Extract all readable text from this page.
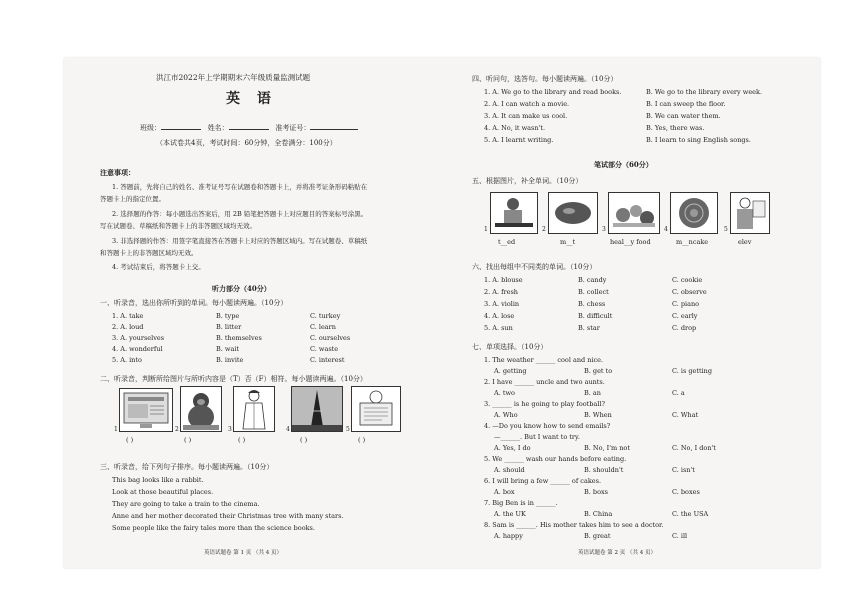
洪江市2022年上学期期末六年级质量监测试题
英 语
班级：	姓名：	准考证号：
（本试卷共4页，考试时间：60分钟，全卷满分：100分）
注意事项：
1. 答题前，先将自己的姓名、准考证号写在试题卷和答题卡上，并将准考证条形码粘贴在
答题卡上的指定位置。
2. 选择题的作答：每小题选出答案后，用 2B 铅笔把答题卡上对应题目的答案标号涂黑。
写在试题卷、草稿纸和答题卡上的非答题区域均无效。
3. 非选择题的作答：用签字笔直接答在答题卡上对应的答题区域内。写在试题卷、草稿纸
和答题卡上的非答题区域均无效。
4. 考试结束后，将答题卡上交。
听力部分（40分）
一、听录音，选出你所听到的单词。每小题读两遍。（10分）
1. A. take	B. type	C. turkey
2. A. loud	B. litter	C. learn
3. A. yourselves	B. themselves	C. ourselves
4. A. wonderful	B. wait	C. waste
5. A. into	B. invite	C. interest
二、听录音，判断所给图片与所听内容是（T）否（F）相符。每小题读两遍。（10分）
1	2	3	4	5
( )	( )	( )	( )	( )
三、听录音，给下列句子排序。每小题读两遍。（10分）
This bag looks like a rabbit.
Look at those beautiful places.
They are going to take a train to the cinema.
Anne and her mother decorated their Christmas tree with many stars.
Some people like the fairy tales more than the science books.
英语试题卷 第 1 页 （共 4 页）
四、听问句，选答句。每小题读两遍。（10分）
1. A. We go to the library and read books.	B. We go to the library every week.
2. A. I can watch a movie.	B. I can sweep the floor.
3. A. It can make us cool.	B. We can water them.
4. A. No, it wasn't.	B. Yes, there was.
5. A. I learnt writing.	B. I learn to sing English songs.
笔试部分（60分）
五、根据图片，补全单词。（10分）
1	2	3	4	5
t__ed	m__t	heal__y food	m__ncake	elev
六、找出每组中不同类的单词。（10分）
1. A. blouse	B. candy	C. cookie
2. A. fresh	B. collect	C. observe
3. A. violin	B. chess	C. piano
4. A. lose	B. difficult	C. early
5. A. sun	B. star	C. drop
七、单项选择。（10分）
1. The weather ______ cool and nice.
A. getting	B. get to	C. is getting
2. I have ______ uncle and two aunts.
A. two	B. an	C. a
3. ______ is he going to play football?
A. Who	B. When	C. What
4. —Do you know how to send emails?
—______. But I want to try.
A. Yes, I do	B. No, I'm not	C. No, I don't
5. We ______ wash our hands before eating.
A. should	B. shouldn't	C. isn't
6. I will bring a few ______ of cakes.
A. box	B. boxs	C. boxes
7. Big Ben is in ______.
A. the UK	B. China	C. the USA
8. Sam is ______. His mother takes him to see a doctor.
A. happy	B. great	C. ill
英语试题卷 第 2 页 （共 4 页）
